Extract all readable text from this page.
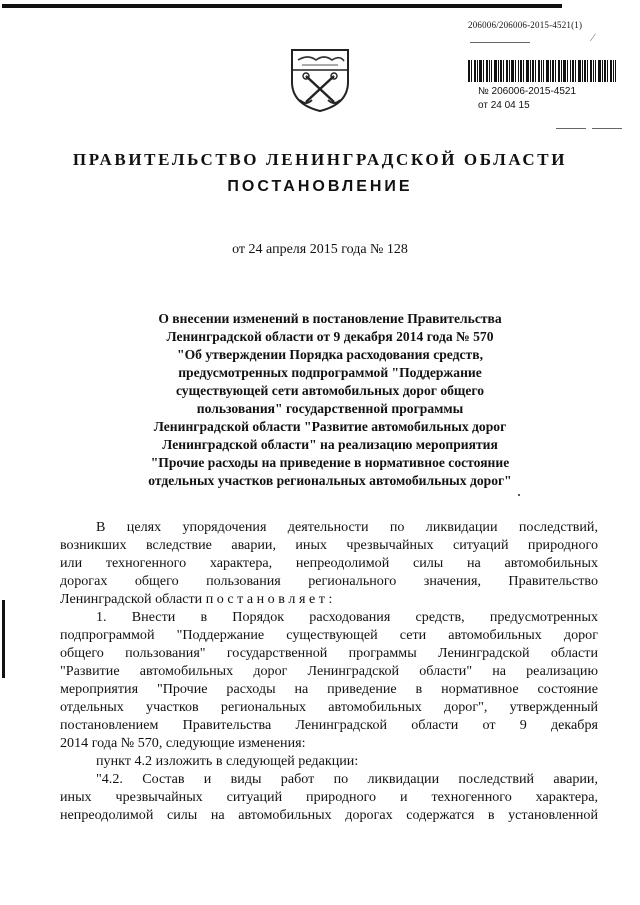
206006/206006-2015-4521(1)
∕
№ 206006-2015-4521
от 24 04 15
ПРАВИТЕЛЬСТВО ЛЕНИНГРАДСКОЙ ОБЛАСТИ
ПОСТАНОВЛЕНИЕ
от 24 апреля 2015 года № 128
О внесении изменений в постановление Правительства
Ленинградской области от 9 декабря 2014 года № 570
"Об утверждении Порядка расходования средств,
предусмотренных подпрограммой "Поддержание
существующей сети автомобильных дорог общего
пользования" государственной программы
Ленинградской области "Развитие автомобильных дорог
Ленинградской области" на реализацию мероприятия
"Прочие расходы на приведение в нормативное состояние
отдельных участков региональных автомобильных дорог"
В целях упорядочения деятельности по ликвидации последствий,
возникших вследствие аварии, иных чрезвычайных ситуаций природного
или техногенного характера, непреодолимой силы на автомобильных
дорогах общего пользования регионального значения, Правительство
Ленинградской области п о с т а н о в л я е т :
1. Внести в Порядок расходования средств, предусмотренных
подпрограммой "Поддержание существующей сети автомобильных дорог
общего пользования" государственной программы Ленинградской области
"Развитие автомобильных дорог Ленинградской области" на реализацию
мероприятия "Прочие расходы на приведение в нормативное состояние
отдельных участков региональных автомобильных дорог", утвержденный
постановлением Правительства Ленинградской области от 9 декабря
2014 года № 570, следующие изменения:
пункт 4.2 изложить в следующей редакции:
"4.2. Состав и виды работ по ликвидации последствий аварии,
иных чрезвычайных ситуаций природного и техногенного характера,
непреодолимой силы на автомобильных дорогах содержатся в установленной
